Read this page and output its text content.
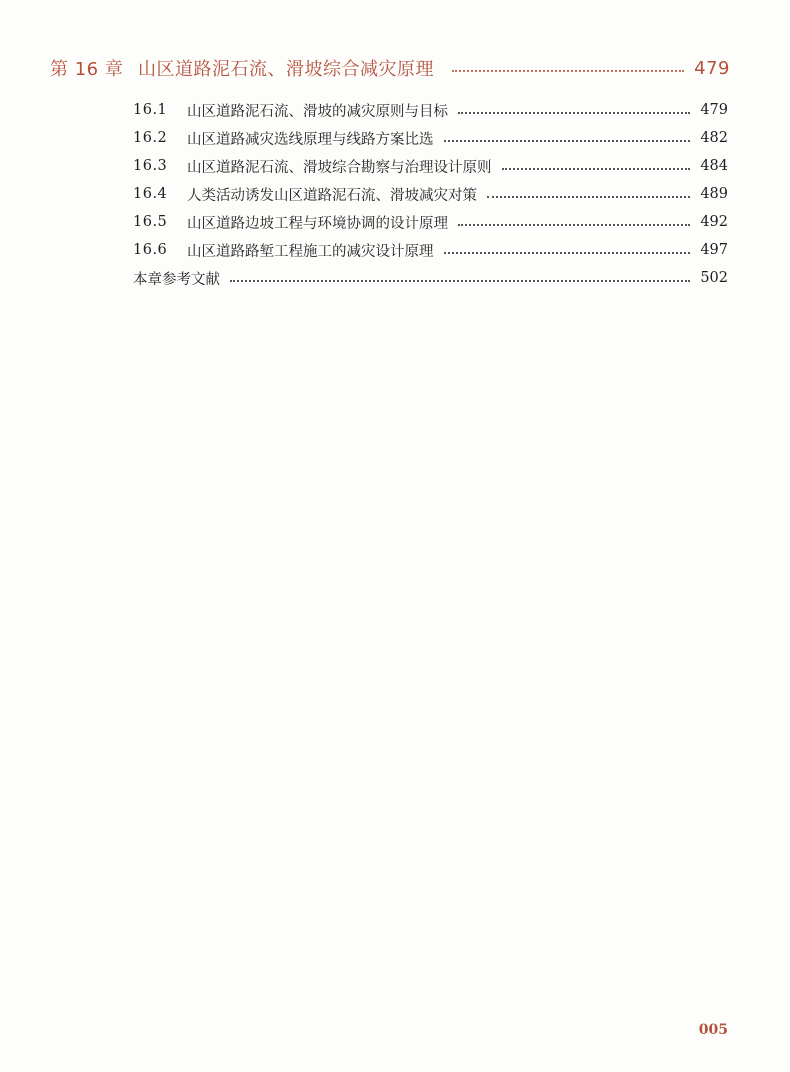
第 16 章 山区道路泥石流、滑坡综合减灾原理	479
16.1	山区道路泥石流、滑坡的减灾原则与目标	479
16.2	山区道路减灾选线原理与线路方案比选	482
16.3	山区道路泥石流、滑坡综合勘察与治理设计原则	484
16.4	人类活动诱发山区道路泥石流、滑坡减灾对策	489
16.5	山区道路边坡工程与环境协调的设计原理	492
16.6	山区道路路堑工程施工的减灾设计原理	497
本章参考文献	502
005
